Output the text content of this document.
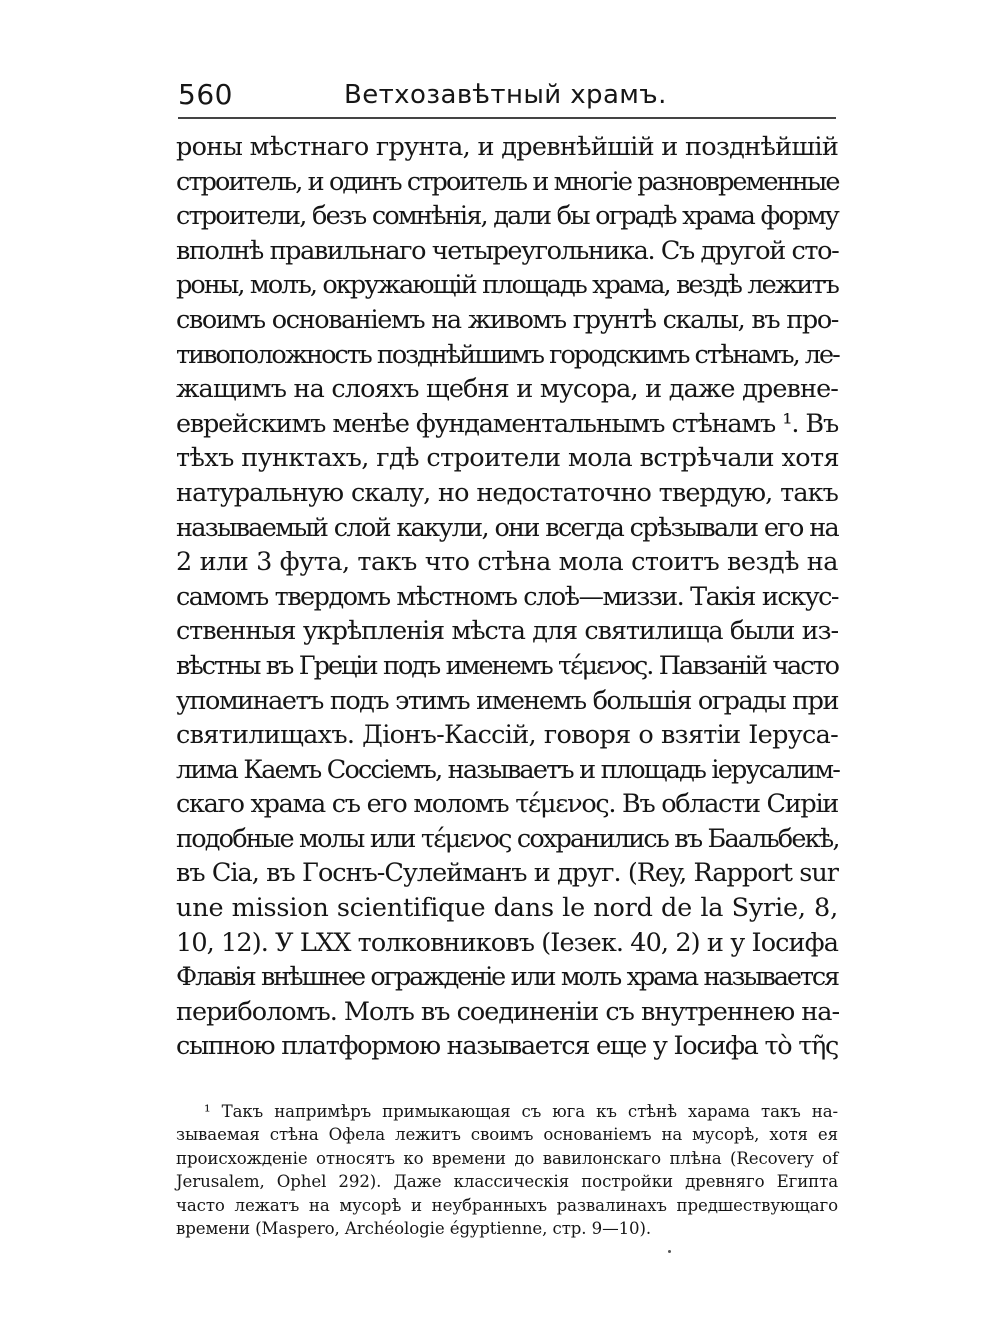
560	Ветхозавѣтный храмъ.
роны мѣстнаго грунта, и древнѣйшій и позднѣйшій
строитель, и одинъ строитель и многіе разновременные
строители, безъ сомнѣнія, дали бы оградѣ храма форму
вполнѣ правильнаго четыреугольника. Съ другой сто-
роны, молъ, окружающій площадь храма, вездѣ лежитъ
своимъ основаніемъ на живомъ грунтѣ скалы, въ про-
тивоположность позднѣйшимъ городскимъ стѣнамъ, ле-
жащимъ на слояхъ щебня и мусора, и даже древне-
еврейскимъ менѣе фундаментальнымъ стѣнамъ ¹. Въ
тѣхъ пунктахъ, гдѣ строители мола встрѣчали хотя
натуральную скалу, но недостаточно твердую, такъ
называемый слой какули, они всегда срѣзывали его на
2 или 3 фута, такъ что стѣна мола стоитъ вездѣ на
самомъ твердомъ мѣстномъ слоѣ—миззи. Такія искус-
ственныя укрѣпленія мѣста для святилища были из-
вѣстны въ Греціи подъ именемъ τέμενος. Павзаній часто
упоминаетъ подъ этимъ именемъ большія ограды при
святилищахъ. Діонъ-Кассій, говоря о взятіи Іеруса-
лима Каемъ Соссіемъ, называетъ и площадь іерусалим-
скаго храма съ его моломъ τέμενος. Въ области Сиріи
подобные молы или τέμενος сохранились въ Баальбекѣ,
въ Сіа, въ Госнъ-Сулейманъ и друг. (Rey, Rapport sur
une mission scientifique dans le nord de la Syrie, 8,
10, 12). У LXX толковниковъ (Іезек. 40, 2) и у Іосифа
Флавія внѣшнее огражденіе или молъ храма называется
периболомъ. Молъ въ соединеніи съ внутреннею на-
сыпною платформою называется еще у Іосифа τὸ τῆς
¹ Такъ напримѣръ примыкающая съ юга къ стѣнѣ харама такъ на-
зываемая стѣна Офела лежитъ своимъ основаніемъ на мусорѣ, хотя ея
происхожденіе относятъ ко времени до вавилонскаго плѣна (Recovery of
Jerusalem, Ophel 292). Даже классическія постройки древняго Египта
часто лежатъ на мусорѣ и неубранныхъ развалинахъ предшествующаго
времени (Maspero, Archéologie égyptienne, стр. 9—10).
